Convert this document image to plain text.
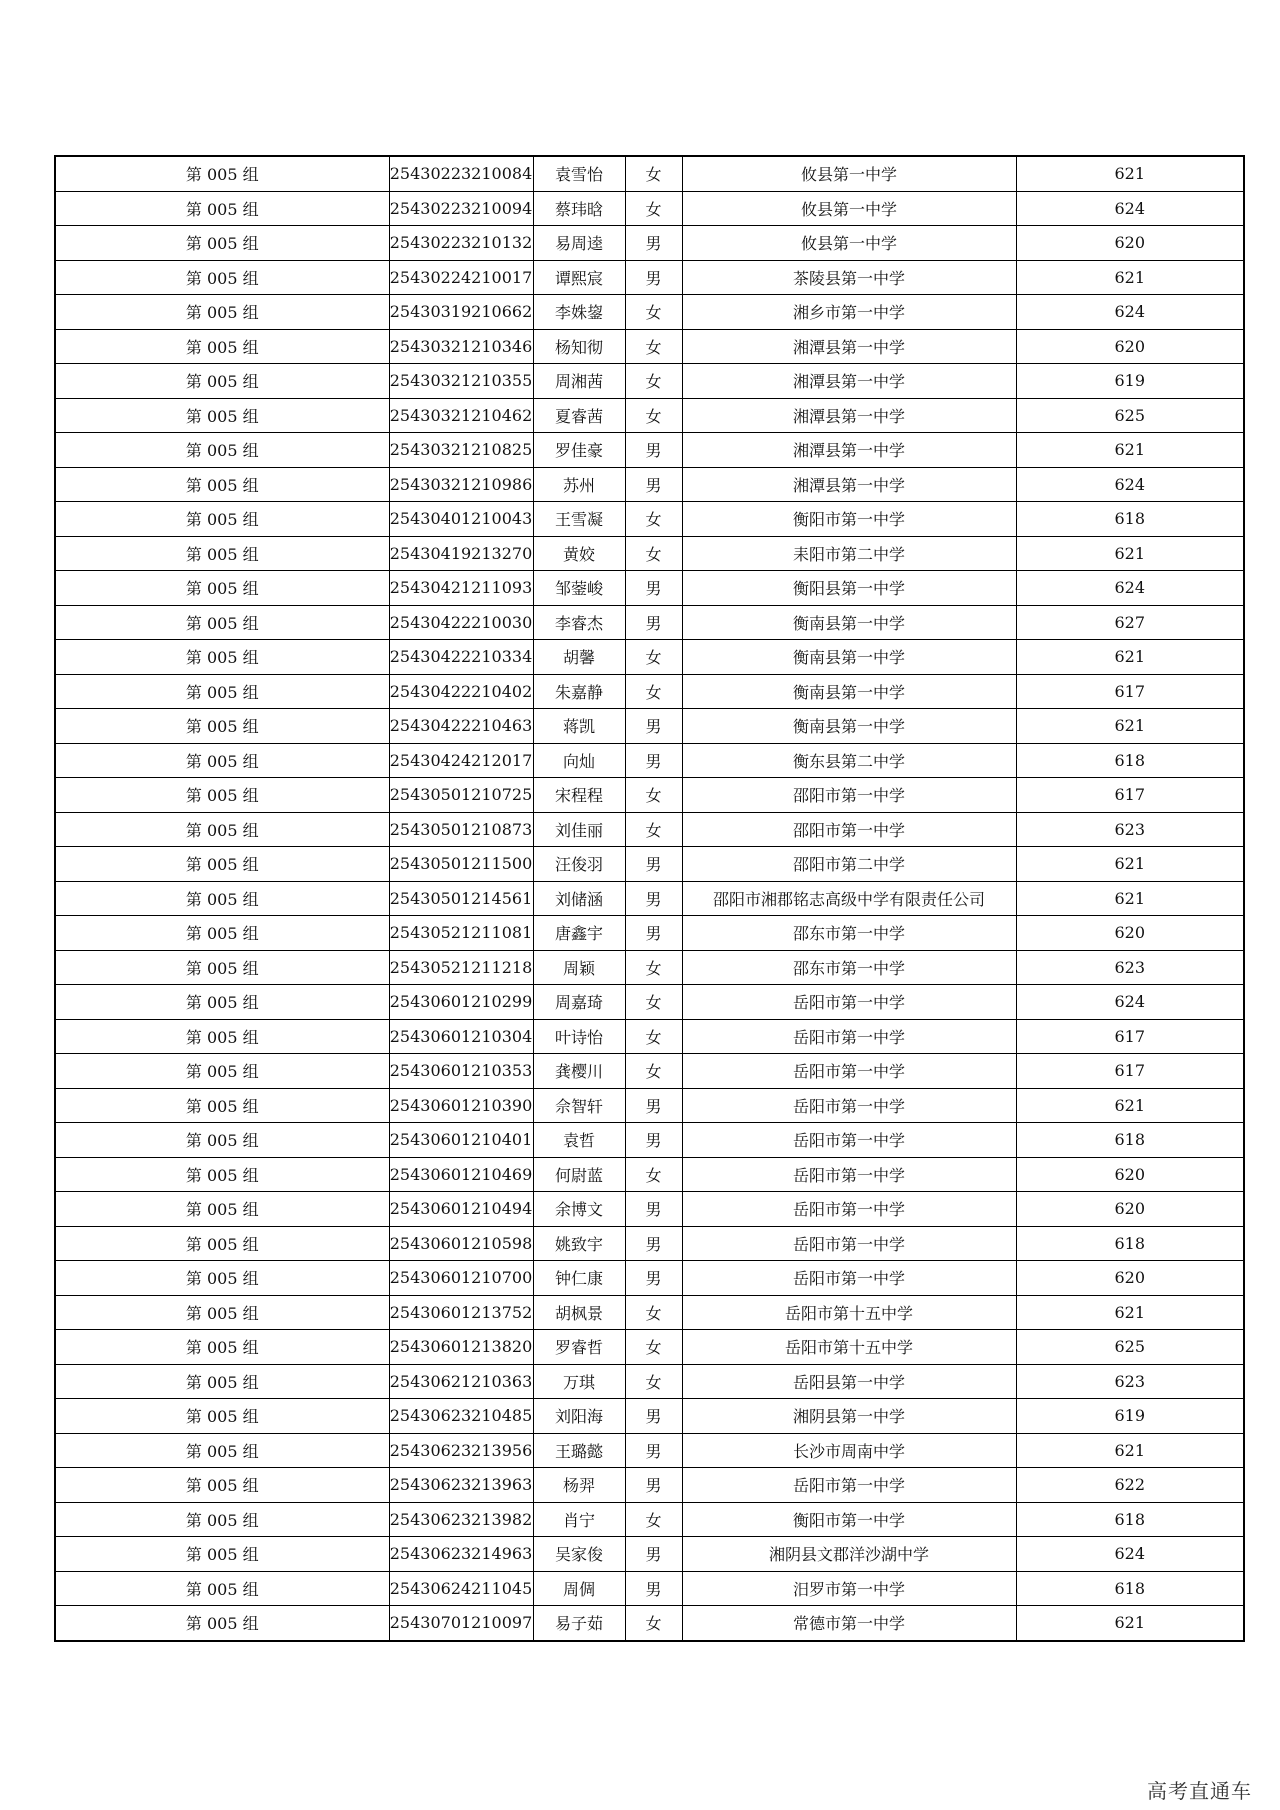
第 005 组	25430223210084	袁雪怡	女	攸县第一中学	621
第 005 组	25430223210094	蔡玮晗	女	攸县第一中学	624
第 005 组	25430223210132	易周逵	男	攸县第一中学	620
第 005 组	25430224210017	谭熙宸	男	茶陵县第一中学	621
第 005 组	25430319210662	李姝鋆	女	湘乡市第一中学	624
第 005 组	25430321210346	杨知彻	女	湘潭县第一中学	620
第 005 组	25430321210355	周湘茜	女	湘潭县第一中学	619
第 005 组	25430321210462	夏睿茜	女	湘潭县第一中学	625
第 005 组	25430321210825	罗佳豪	男	湘潭县第一中学	621
第 005 组	25430321210986	苏州	男	湘潭县第一中学	624
第 005 组	25430401210043	王雪凝	女	衡阳市第一中学	618
第 005 组	25430419213270	黄姣	女	耒阳市第二中学	621
第 005 组	25430421211093	邹蓥峻	男	衡阳县第一中学	624
第 005 组	25430422210030	李睿杰	男	衡南县第一中学	627
第 005 组	25430422210334	胡馨	女	衡南县第一中学	621
第 005 组	25430422210402	朱嘉静	女	衡南县第一中学	617
第 005 组	25430422210463	蒋凯	男	衡南县第一中学	621
第 005 组	25430424212017	向灿	男	衡东县第二中学	618
第 005 组	25430501210725	宋程程	女	邵阳市第一中学	617
第 005 组	25430501210873	刘佳丽	女	邵阳市第一中学	623
第 005 组	25430501211500	汪俊羽	男	邵阳市第二中学	621
第 005 组	25430501214561	刘储涵	男	邵阳市湘郡铭志高级中学有限责任公司	621
第 005 组	25430521211081	唐鑫宇	男	邵东市第一中学	620
第 005 组	25430521211218	周颖	女	邵东市第一中学	623
第 005 组	25430601210299	周嘉琦	女	岳阳市第一中学	624
第 005 组	25430601210304	叶诗怡	女	岳阳市第一中学	617
第 005 组	25430601210353	龚樱川	女	岳阳市第一中学	617
第 005 组	25430601210390	佘智轩	男	岳阳市第一中学	621
第 005 组	25430601210401	袁哲	男	岳阳市第一中学	618
第 005 组	25430601210469	何尉蓝	女	岳阳市第一中学	620
第 005 组	25430601210494	余博文	男	岳阳市第一中学	620
第 005 组	25430601210598	姚致宇	男	岳阳市第一中学	618
第 005 组	25430601210700	钟仁康	男	岳阳市第一中学	620
第 005 组	25430601213752	胡枫景	女	岳阳市第十五中学	621
第 005 组	25430601213820	罗睿哲	女	岳阳市第十五中学	625
第 005 组	25430621210363	万琪	女	岳阳县第一中学	623
第 005 组	25430623210485	刘阳海	男	湘阴县第一中学	619
第 005 组	25430623213956	王璐懿	男	长沙市周南中学	621
第 005 组	25430623213963	杨羿	男	岳阳市第一中学	622
第 005 组	25430623213982	肖宁	女	衡阳市第一中学	618
第 005 组	25430623214963	吴家俊	男	湘阴县文郡洋沙湖中学	624
第 005 组	25430624211045	周倜	男	汨罗市第一中学	618
第 005 组	25430701210097	易子茹	女	常德市第一中学	621
高考直通车
